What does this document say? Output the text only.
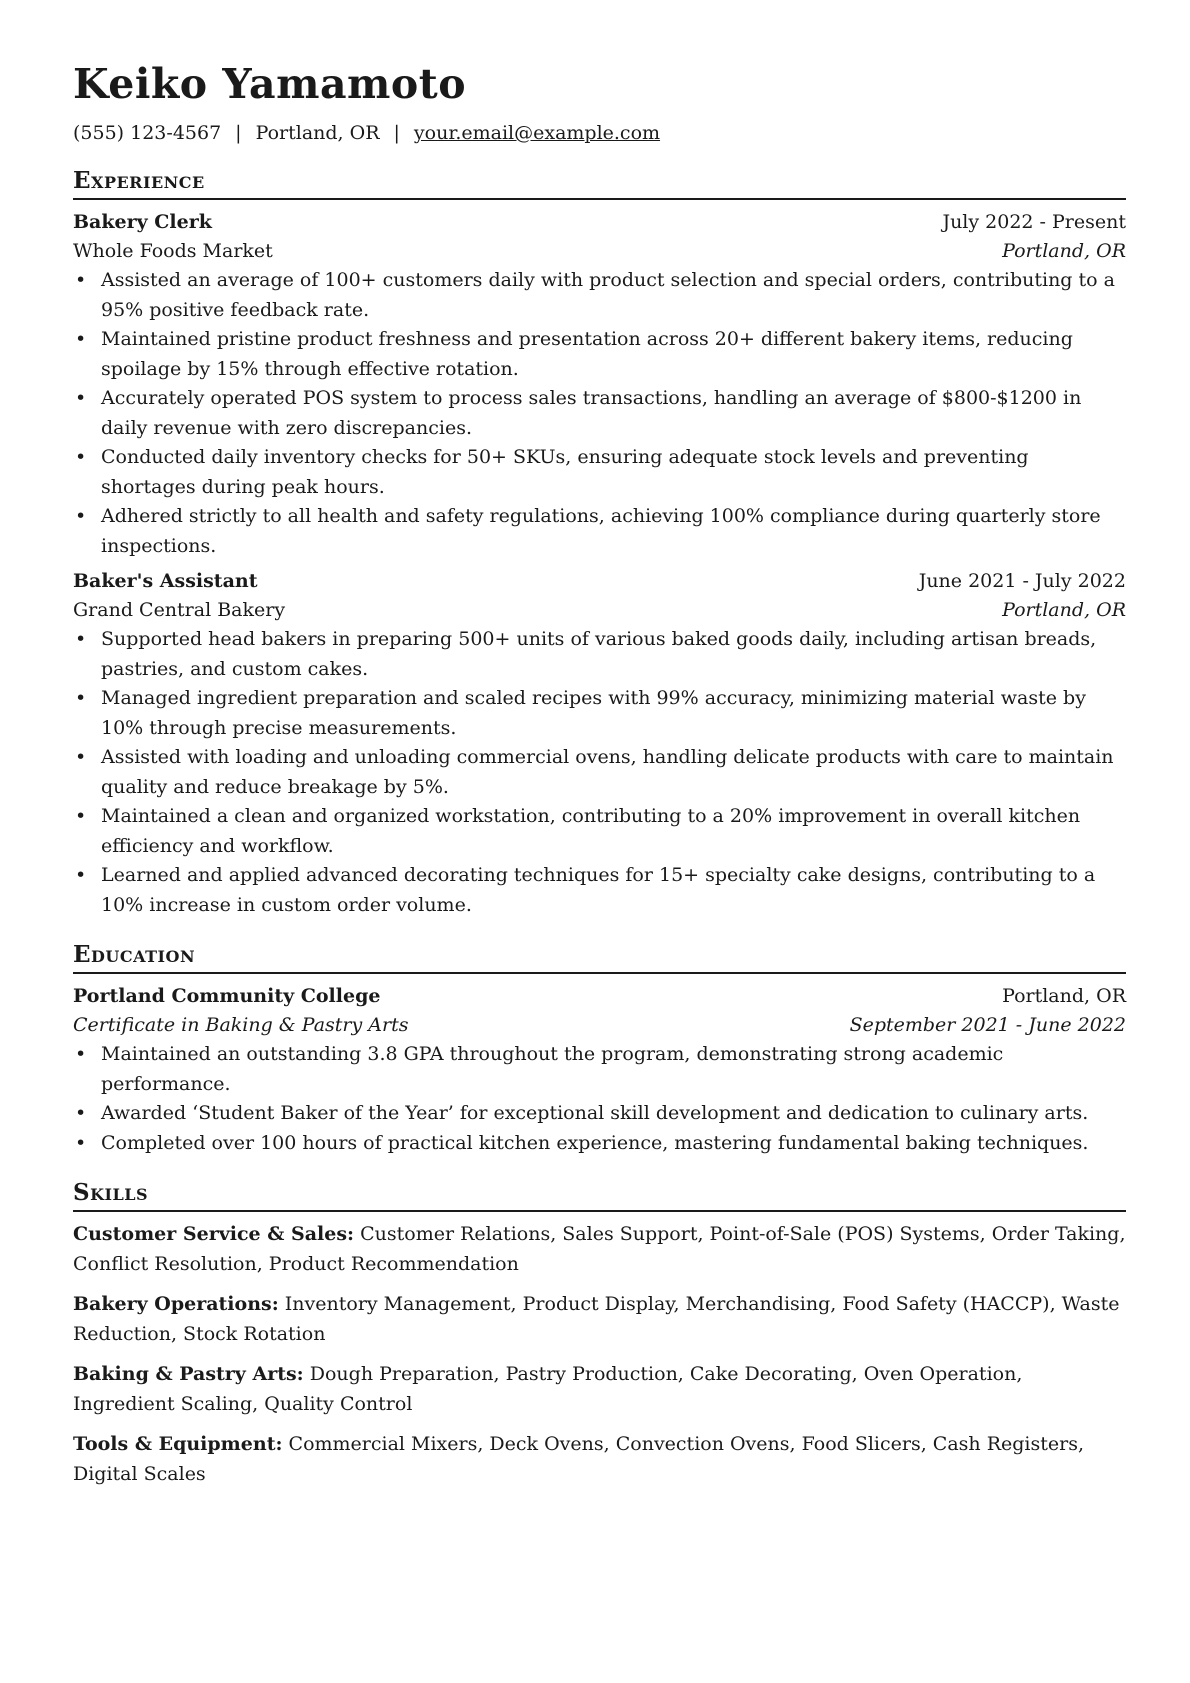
Keiko Yamamoto
(555) 123-4567 | Portland, OR | your.email@example.com
Experience
Bakery Clerk	July 2022 - Present
Whole Foods Market	Portland, OR
• Assisted an average of 100+ customers daily with product selection and special orders, contributing to a 95% positive feedback rate.
• Maintained pristine product freshness and presentation across 20+ different bakery items, reducing spoilage by 15% through effective rotation.
• Accurately operated POS system to process sales transactions, handling an average of $800-$1200 in daily revenue with zero discrepancies.
• Conducted daily inventory checks for 50+ SKUs, ensuring adequate stock levels and preventing shortages during peak hours.
• Adhered strictly to all health and safety regulations, achieving 100% compliance during quarterly store inspections.
Baker's Assistant	June 2021 - July 2022
Grand Central Bakery	Portland, OR
• Supported head bakers in preparing 500+ units of various baked goods daily, including artisan breads, pastries, and custom cakes.
• Managed ingredient preparation and scaled recipes with 99% accuracy, minimizing material waste by 10% through precise measurements.
• Assisted with loading and unloading commercial ovens, handling delicate products with care to maintain quality and reduce breakage by 5%.
• Maintained a clean and organized workstation, contributing to a 20% improvement in overall kitchen efficiency and workflow.
• Learned and applied advanced decorating techniques for 15+ specialty cake designs, contributing to a 10% increase in custom order volume.
Education
Portland Community College	Portland, OR
Certificate in Baking & Pastry Arts	September 2021 - June 2022
• Maintained an outstanding 3.8 GPA throughout the program, demonstrating strong academic performance.
• Awarded ‘Student Baker of the Year’ for exceptional skill development and dedication to culinary arts.
• Completed over 100 hours of practical kitchen experience, mastering fundamental baking techniques.
Skills
Customer Service & Sales: Customer Relations, Sales Support, Point-of-Sale (POS) Systems, Order Taking, Conflict Resolution, Product Recommendation
Bakery Operations: Inventory Management, Product Display, Merchandising, Food Safety (HACCP), Waste Reduction, Stock Rotation
Baking & Pastry Arts: Dough Preparation, Pastry Production, Cake Decorating, Oven Operation, Ingredient Scaling, Quality Control
Tools & Equipment: Commercial Mixers, Deck Ovens, Convection Ovens, Food Slicers, Cash Registers, Digital Scales
